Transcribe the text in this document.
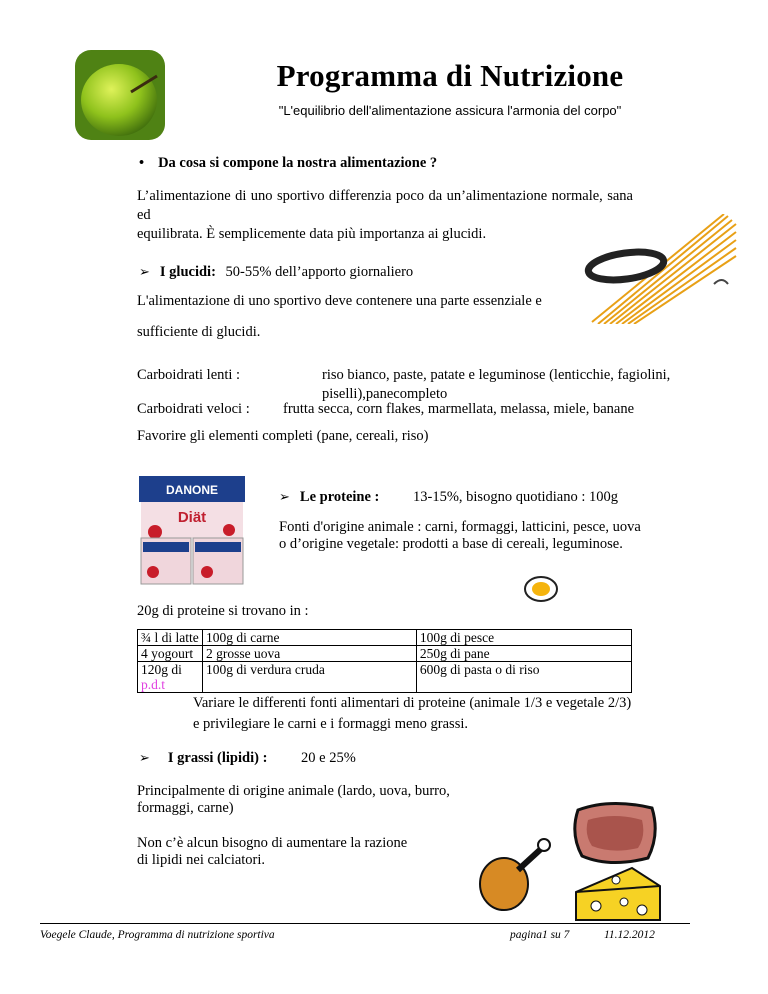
Programma di Nutrizione
"L'equilibrio dell'alimentazione assicura l'armonia del corpo"
• Da cosa si compone la nostra alimentazione ?
L’alimentazione di uno sportivo differenzia poco da un’alimentazione normale, sana ed
equilibrata. È semplicemente data più importanza ai glucidi.
➢ I glucidi: 50-55% dell’apporto giornaliero
L'alimentazione di uno sportivo deve contenere una parte essenziale e
sufficiente di glucidi.
Carboidrati lenti :	riso bianco, paste, patate e leguminose (lenticchie, fagiolini,
piselli),panecompleto
Carboidrati veloci : frutta secca, corn flakes, marmellata, melassa, miele, banane
Favorire gli elementi completi (pane, cereali, riso)
DANONE
Diät
➢ Le proteine : 13-15%, bisogno quotidiano : 100g
Fonti d'origine animale : carni, formaggi, latticini, pesce, uova
o d’origine vegetale: prodotti a base di cereali, leguminose.
20g di proteine si trovano in :
¾ l di latte	100g di carne	100g di pesce
4 yogourt	2 grosse uova	250g di pane
120g di p.d.t	100g di verdura cruda	600g di pasta o di riso
Variare le differenti fonti alimentari di proteine (animale 1/3 e vegetale 2/3)
e privilegiare le carni e i formaggi meno grassi.
➢ I grassi (lipidi) : 20 e 25%
Principalmente di origine animale (lardo, uova, burro,
formaggi, carne)
Non c’è alcun bisogno di aumentare la razione
di lipidi nei calciatori.
Voegele Claude, Programma di nutrizione sportiva	pagina1 su 7	11.12.2012
